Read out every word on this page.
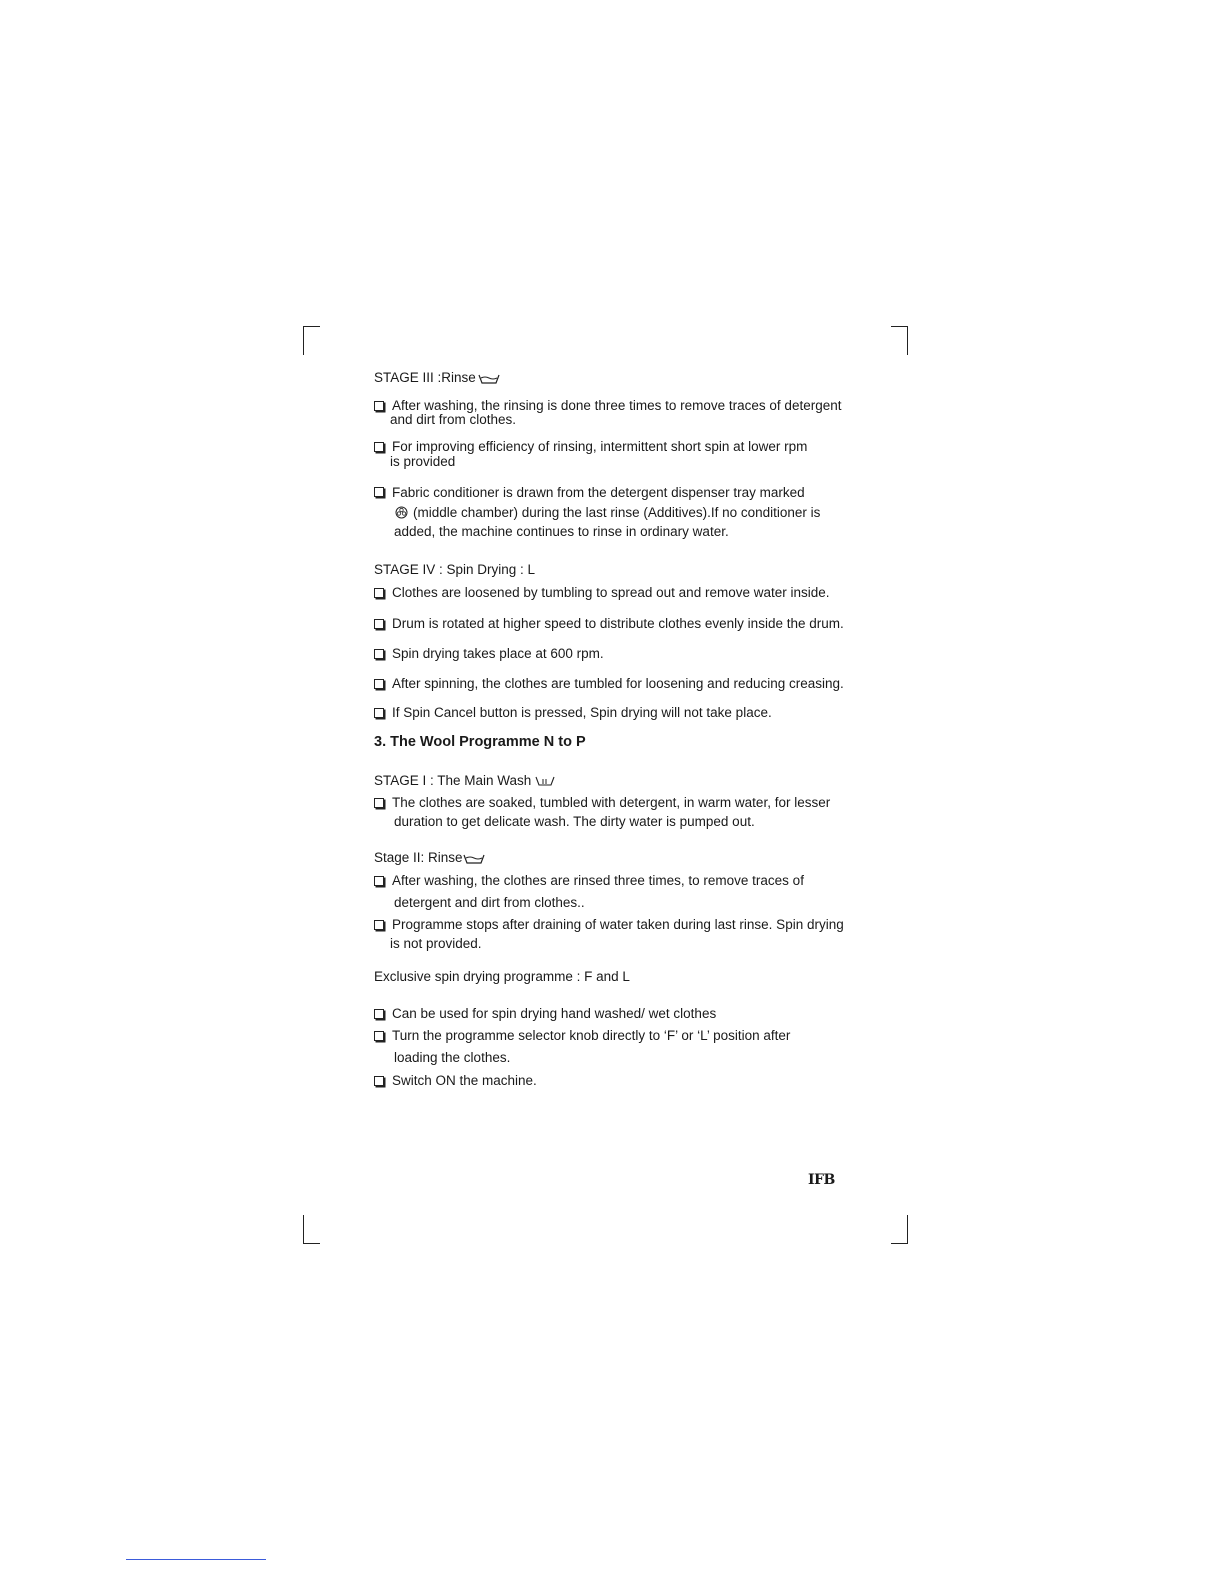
STAGE III :Rinse
After washing, the rinsing is done three times to remove traces of detergent
and dirt from clothes.
For improving efficiency of rinsing, intermittent short spin at lower rpm
is provided
Fabric conditioner is drawn from the detergent dispenser tray marked
(middle chamber) during the last rinse (Additives).If no conditioner is
added, the machine continues to rinse in ordinary water.
STAGE IV : Spin Drying : L
Clothes are loosened by tumbling to spread out and remove water inside.
Drum is rotated at higher speed to distribute clothes evenly inside the drum.
Spin drying takes place at 600 rpm.
After spinning, the clothes are tumbled for loosening and reducing creasing.
If Spin Cancel button is pressed, Spin drying will not take place.
3. The Wool Programme N to P
STAGE I : The Main Wash
The clothes are soaked, tumbled with detergent, in warm water, for lesser
duration to get delicate wash. The dirty water is pumped out.
Stage II: Rinse
After washing, the clothes are rinsed three times, to remove traces of
detergent and dirt from clothes..
Programme stops after draining of water taken during last rinse. Spin drying
is not provided.
Exclusive spin drying programme : F and L
Can be used for spin drying hand washed/ wet clothes
Turn the programme selector knob directly to ‘F’ or ‘L’ position after
loading the clothes.
Switch ON the machine.
IFB
